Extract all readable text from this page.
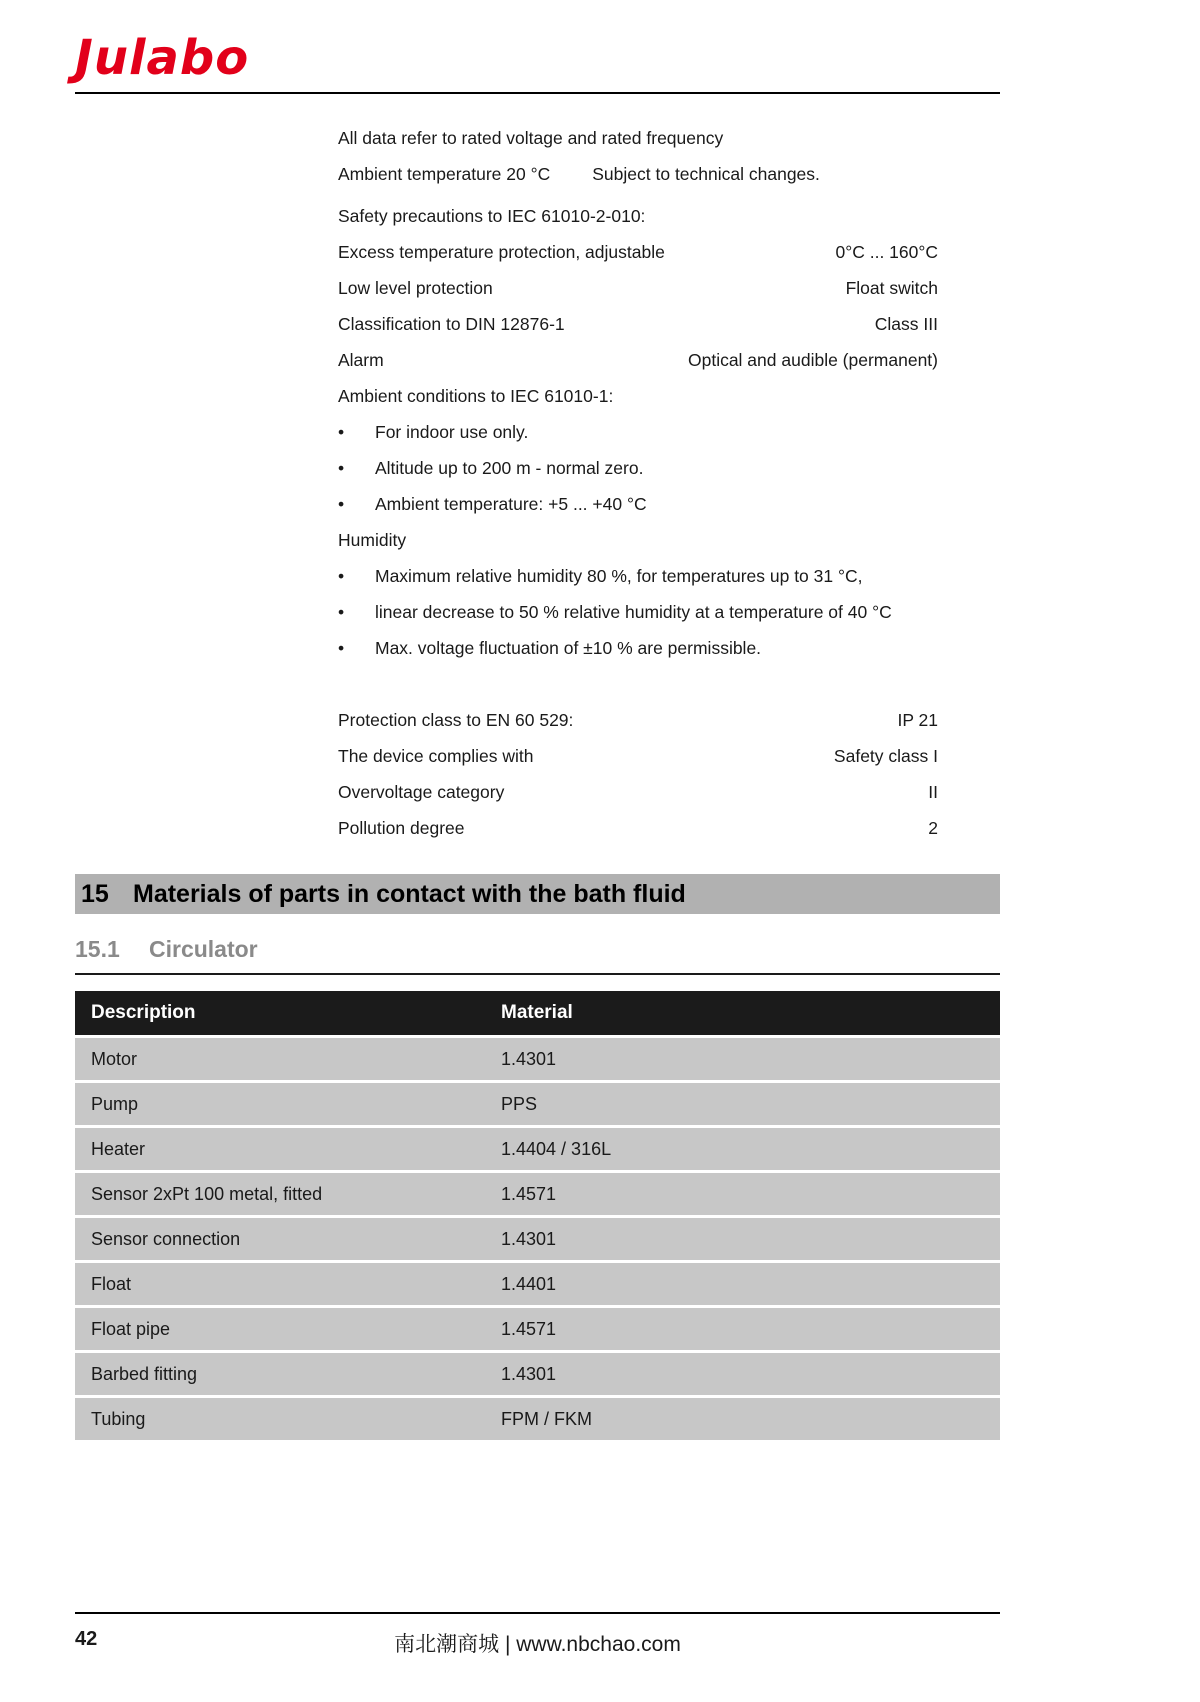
Julabo
All data refer to rated voltage and rated frequency
Ambient temperature 20 °C Subject to technical changes.
Safety precautions to IEC 61010-2-010:
Excess temperature protection, adjustable	0°C ... 160°C
Low level protection	Float switch
Classification to DIN 12876-1	Class III
Alarm	Optical and audible (permanent)
Ambient conditions to IEC 61010-1:
•	For indoor use only.
•	Altitude up to 200 m - normal zero.
•	Ambient temperature: +5 ... +40 °C
Humidity
•	Maximum relative humidity 80 %, for temperatures up to 31 °C,
•	linear decrease to 50 % relative humidity at a temperature of 40 °C
•	Max. voltage fluctuation of ±10 % are permissible.
Protection class to EN 60 529:	IP 21
The device complies with	Safety class I
Overvoltage category	II
Pollution degree	2
15 Materials of parts in contact with the bath fluid
15.1	Circulator
Description	Material
Motor	1.4301
Pump	PPS
Heater	1.4404 / 316L
Sensor 2xPt 100 metal, fitted	1.4571
Sensor connection	1.4301
Float	1.4401
Float pipe	1.4571
Barbed fitting	1.4301
Tubing	FPM / FKM
42	南北潮商城 | www.nbchao.com
